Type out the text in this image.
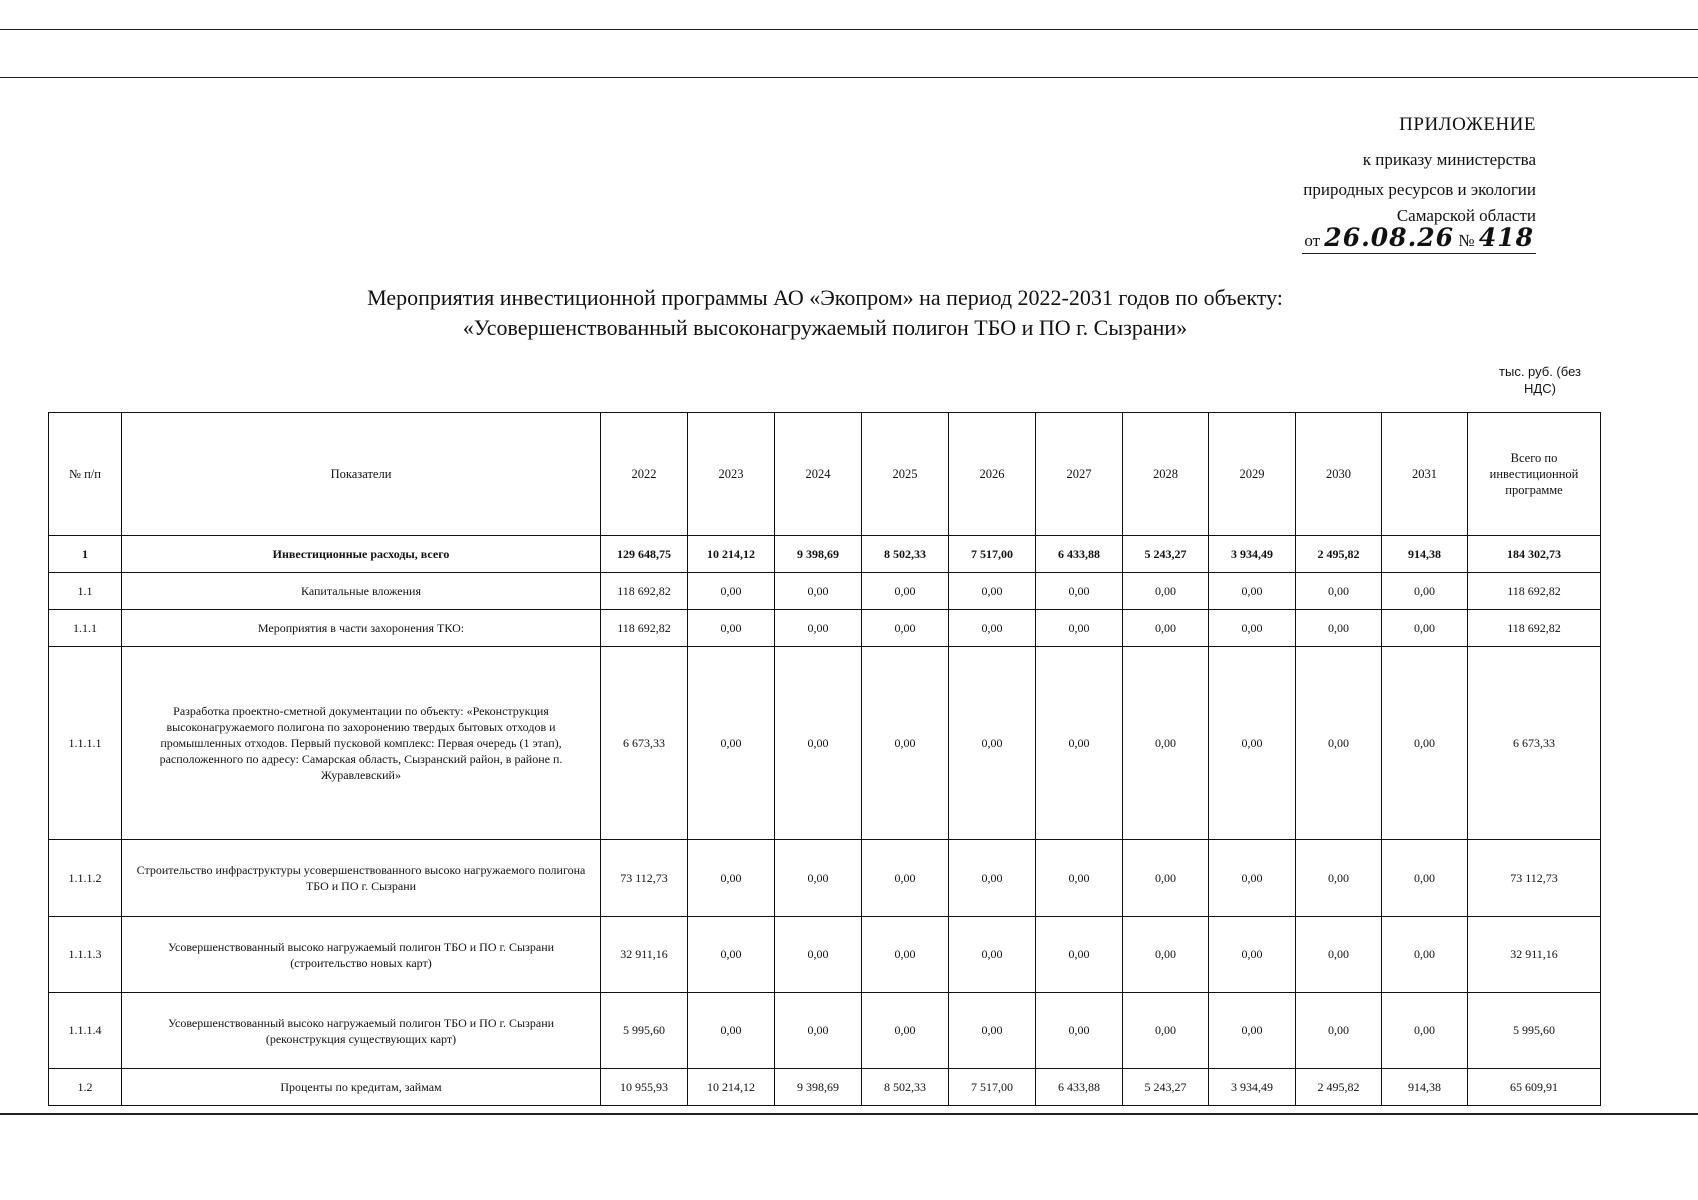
ПРИЛОЖЕНИЕ
к приказу министерства
природных ресурсов и экологии
Самарской области
от 26.08.26 № 418
Мероприятия инвестиционной программы АО «Экопром» на период 2022-2031 годов по объекту:
«Усовершенствованный высоконагружаемый полигон ТБО и ПО г. Сызрани»
тыс. руб. (без
НДС)
№ п/п	Показатели	2022	2023	2024	2025	2026	2027	2028	2029	2030	2031	Всего по инвестиционной программе
1	Инвестиционные расходы, всего	129 648,75	10 214,12	9 398,69	8 502,33	7 517,00	6 433,88	5 243,27	3 934,49	2 495,82	914,38	184 302,73
1.1	Капитальные вложения	118 692,82	0,00	0,00	0,00	0,00	0,00	0,00	0,00	0,00	0,00	118 692,82
1.1.1	Мероприятия в части захоронения ТКО:	118 692,82	0,00	0,00	0,00	0,00	0,00	0,00	0,00	0,00	0,00	118 692,82
1.1.1.1	Разработка проектно-сметной документации по объекту: «Реконструкция высоконагружаемого полигона по захоронению твердых бытовых отходов и промышленных отходов. Первый пусковой комплекс: Первая очередь (1 этап), расположенного по адресу: Самарская область, Сызранский район, в районе п. Журавлевский»	6 673,33	0,00	0,00	0,00	0,00	0,00	0,00	0,00	0,00	0,00	6 673,33
1.1.1.2	Строительство инфраструктуры усовершенствованного высоко нагружаемого полигона ТБО и ПО г. Сызрани	73 112,73	0,00	0,00	0,00	0,00	0,00	0,00	0,00	0,00	0,00	73 112,73
1.1.1.3	Усовершенствованный высоко нагружаемый полигон ТБО и ПО г. Сызрани (строительство новых карт)	32 911,16	0,00	0,00	0,00	0,00	0,00	0,00	0,00	0,00	0,00	32 911,16
1.1.1.4	Усовершенствованный высоко нагружаемый полигон ТБО и ПО г. Сызрани (реконструкция существующих карт)	5 995,60	0,00	0,00	0,00	0,00	0,00	0,00	0,00	0,00	0,00	5 995,60
1.2	Проценты по кредитам, займам	10 955,93	10 214,12	9 398,69	8 502,33	7 517,00	6 433,88	5 243,27	3 934,49	2 495,82	914,38	65 609,91
